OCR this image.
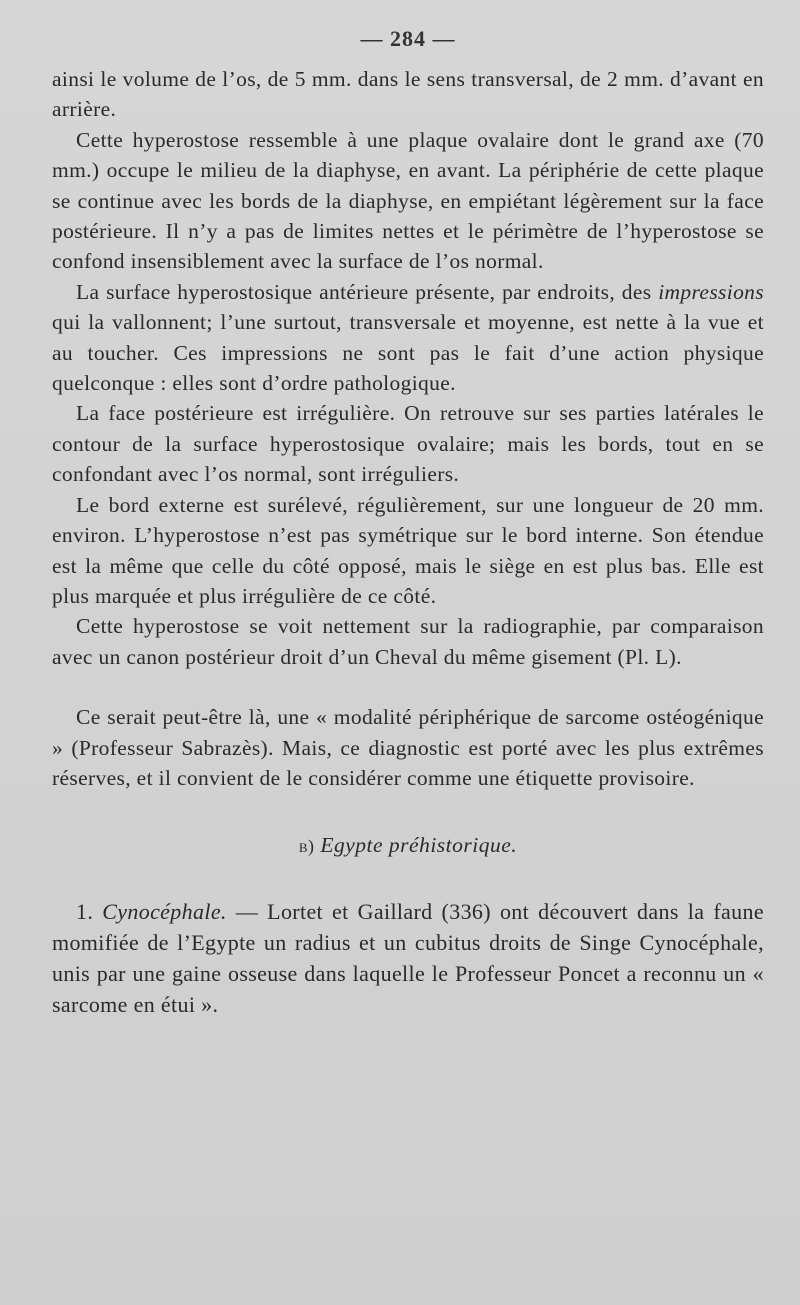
— 284 —

ainsi le volume de l’os, de 5 mm. dans le sens transversal, de 2 mm. d’avant en arrière.

Cette hyperostose ressemble à une plaque ovalaire dont le grand axe (70 mm.) occupe le milieu de la diaphyse, en avant. La périphérie de cette plaque se continue avec les bords de la diaphyse, en empiétant légèrement sur la face postérieure. Il n’y a pas de limites nettes et le périmètre de l’hyperostose se confond insensiblement avec la surface de l’os normal.

La surface hyperostosique antérieure présente, par endroits, des impressions qui la vallonnent; l’une surtout, transversale et moyenne, est nette à la vue et au toucher. Ces impressions ne sont pas le fait d’une action physique quelconque : elles sont d’ordre pathologique.

La face postérieure est irrégulière. On retrouve sur ses parties latérales le contour de la surface hyperostosique ovalaire; mais les bords, tout en se confondant avec l’os normal, sont irréguliers.

Le bord externe est surélevé, régulièrement, sur une longueur de 20 mm. environ. L’hyperostose n’est pas symétrique sur le bord interne. Son étendue est la même que celle du côté opposé, mais le siège en est plus bas. Elle est plus marquée et plus irrégulière de ce côté.

Cette hyperostose se voit nettement sur la radiographie, par comparaison avec un canon postérieur droit d’un Cheval du même gisement (Pl. L).

Ce serait peut-être là, une « modalité périphérique de sarcome ostéogénique » (Professeur Sabrazès). Mais, ce diagnostic est porté avec les plus extrêmes réserves, et il convient de le considérer comme une étiquette provisoire.

b) Egypte préhistorique.

1. Cynocéphale. — Lortet et Gaillard (336) ont découvert dans la faune momifiée de l’Egypte un radius et un cubitus droits de Singe Cynocéphale, unis par une gaine osseuse dans laquelle le Professeur Poncet a reconnu un « sarcome en étui ».
